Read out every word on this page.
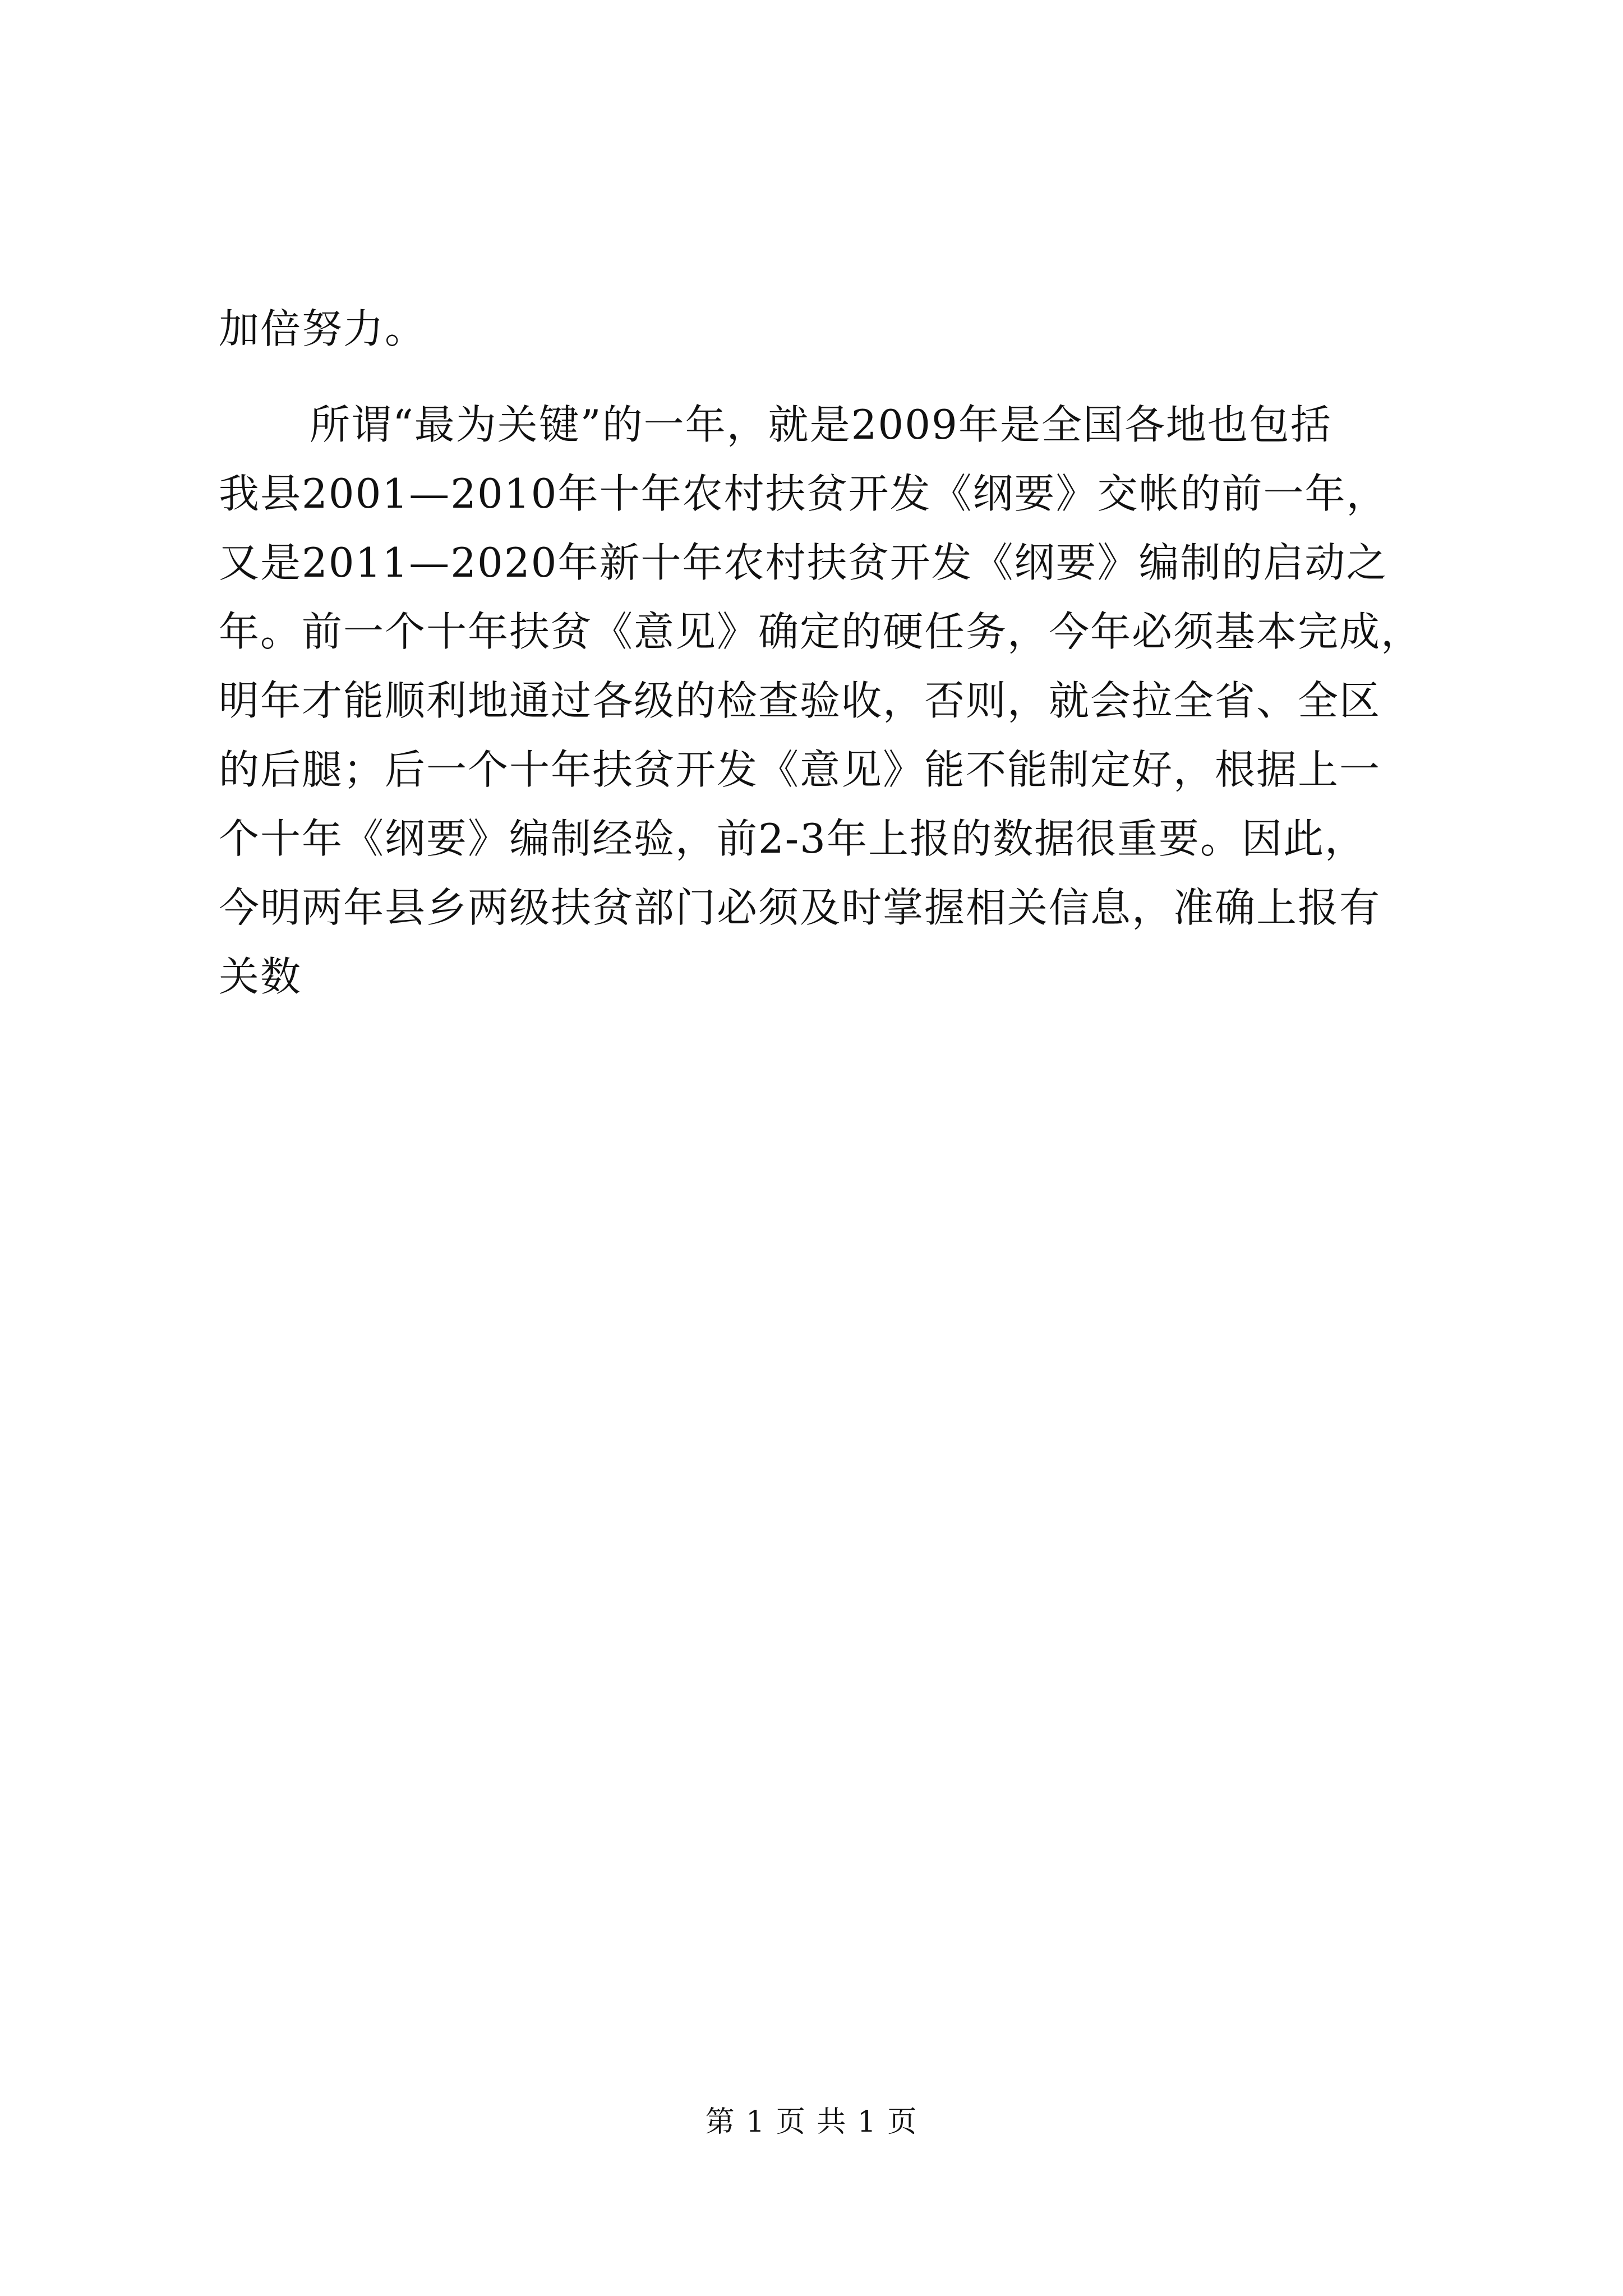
加倍努力。
所谓“最为关键”的一年，就是2009年是全国各地也包括
我县2001—2010年十年农村扶贫开发《纲要》交帐的前一年，
又是2011—2020年新十年农村扶贫开发《纲要》编制的启动之
年。前一个十年扶贫《意见》确定的硬任务，今年必须基本完成，
明年才能顺利地通过各级的检查验收，否则，就会拉全省、全区
的后腿；后一个十年扶贫开发《意见》能不能制定好，根据上一
个十年《纲要》编制经验，前2-3年上报的数据很重要。因此，
今明两年县乡两级扶贫部门必须及时掌握相关信息，准确上报有
关数
第 1 页 共 1 页
